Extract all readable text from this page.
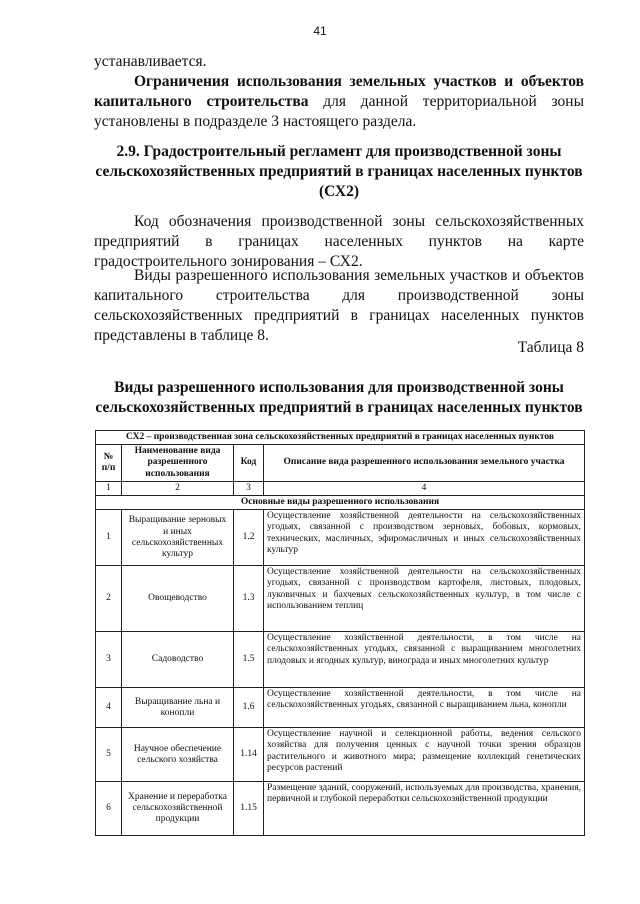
41

устанавливается.

Ограничения использования земельных участков и объектов капитального строительства для данной территориальной зоны установлены в подразделе 3 настоящего раздела.

2.9. Градостроительный регламент для производственной зоны сельскохозяйственных предприятий в границах населенных пунктов (СХ2)

Код обозначения производственной зоны сельскохозяйственных предприятий в границах населенных пунктов на карте градостроительного зонирования – СХ2.

Виды разрешенного использования земельных участков и объектов капитального строительства для производственной зоны сельскохозяйственных предприятий в границах населенных пунктов представлены в таблице 8.

Таблица 8

Виды разрешенного использования для производственной зоны сельскохозяйственных предприятий в границах населенных пунктов

СХ2 – производственная зона сельскохозяйственных предприятий в границах населенных пунктов			
№ п/п	Наименование вида разрешенного использования	Код	Описание вида разрешенного использования земельного участка
1	2	3	4
Основные виды разрешенного использования			
1	Выращивание зерновых и иных сельскохозяйственных культур	1.2	Осуществление хозяйственной деятельности на сельскохозяйственных угодьях, связанной с производством зерновых, бобовых, кормовых, технических, масличных, эфиромасличных и иных сельскохозяйственных культур
2	Овощеводство	1.3	Осуществление хозяйственной деятельности на сельскохозяйственных угодьях, связанной с производством картофеля, листовых, плодовых, луковичных и бахчевых сельскохозяйственных культур, в том числе с использованием теплиц
3	Садоводство	1.5	Осуществление хозяйственной деятельности, в том числе на сельскохозяйственных угодьях, связанной с выращиванием многолетних плодовых и ягодных культур, винограда и иных многолетних культур
4	Выращивание льна и конопли	1.6	Осуществление хозяйственной деятельности, в том числе на сельскохозяйственных угодьях, связанной с выращиванием льна, конопли
5	Научное обеспечение сельского хозяйства	1.14	Осуществление научной и селекционной работы, ведения сельского хозяйства для получения ценных с научной точки зрения образцов растительного и животного мира; размещение коллекций генетических ресурсов растений
6	Хранение и переработка сельскохозяйственной продукции	1.15	Размещение зданий, сооружений, используемых для производства, хранения, первичной и глубокой переработки сельскохозяйственной продукции
